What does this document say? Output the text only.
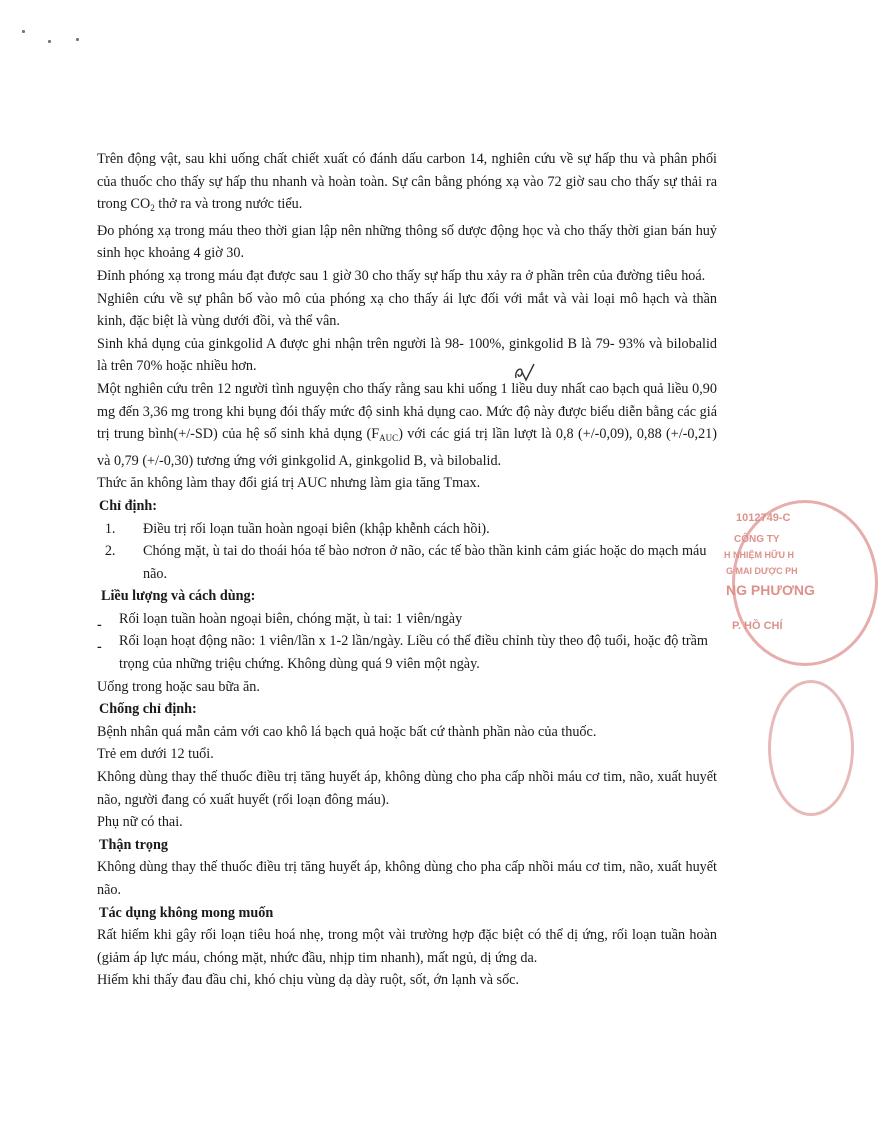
Trên động vật, sau khi uống chất chiết xuất có đánh dấu carbon 14, nghiên cứu về sự hấp thu và phân phối của thuốc cho thấy sự hấp thu nhanh và hoàn toàn. Sự cân bằng phóng xạ vào 72 giờ sau cho thấy sự thải ra trong $CO_2$ thở ra và trong nước tiểu.

Đo phóng xạ trong máu theo thời gian lập nên những thông số dược động học và cho thấy thời gian bán huỷ sinh học khoảng 4 giờ 30.

Đỉnh phóng xạ trong máu đạt được sau 1 giờ 30 cho thấy sự hấp thu xảy ra ở phần trên của đường tiêu hoá.

Nghiên cứu về sự phân bố vào mô của phóng xạ cho thấy ái lực đối với mắt và vài loại mô hạch và thần kinh, đặc biệt là vùng dưới đồi, và thể vân.

Sinh khả dụng của ginkgolid A được ghi nhận trên người là 98- 100%, ginkgolid B là 79- 93% và bilobalid là trên 70% hoặc nhiều hơn.

Một nghiên cứu trên 12 người tình nguyện cho thấy rằng sau khi uống 1 liều duy nhất cao bạch quả liều 0,90 mg đến 3,36 mg trong khi bụng đói thấy mức độ sinh khả dụng cao. Mức độ này được biểu diễn bằng các giá trị trung bình(+/-SD) của hệ số sinh khả dụng $(F_{AUC})$ với các giá trị lần lượt là 0,8 (+/-0,09), 0,88 (+/-0,21) và 0,79 (+/-0,30) tương ứng với ginkgolid A, ginkgolid B, và bilobalid.

Thức ăn không làm thay đổi giá trị AUC nhưng làm gia tăng Tmax.

Chỉ định:

1. Điều trị rối loạn tuần hoàn ngoại biên (khập khễnh cách hồi).
2. Chóng mặt, ù tai do thoái hóa tế bào nơron ở não, các tế bào thần kinh cảm giác hoặc do mạch máu não.

Liều lượng và cách dùng:

-	Rối loạn tuần hoàn ngoại biên, chóng mặt, ù tai: 1 viên/ngày
-	Rối loạn hoạt động não: 1 viên/lần x 1-2 lần/ngày. Liều có thể điều chỉnh tùy theo độ tuổi, hoặc độ trầm trọng của những triệu chứng. Không dùng quá 9 viên một ngày.

Uống trong hoặc sau bữa ăn.

Chống chỉ định:

Bệnh nhân quá mẫn cảm với cao khô lá bạch quả hoặc bất cứ thành phần nào của thuốc.

Trẻ em dưới 12 tuổi.

Không dùng thay thế thuốc điều trị tăng huyết áp, không dùng cho pha cấp nhồi máu cơ tim, não, xuất huyết não, người đang có xuất huyết (rối loạn đông máu).

Phụ nữ có thai.

Thận trọng

Không dùng thay thế thuốc điều trị tăng huyết áp, không dùng cho pha cấp nhồi máu cơ tim, não, xuất huyết não.

Tác dụng không mong muốn

Rất hiếm khi gây rối loạn tiêu hoá nhẹ, trong một vài trường hợp đặc biệt có thể dị ứng, rối loạn tuần hoàn (giảm áp lực máu, chóng mặt, nhức đầu, nhịp tim nhanh), mất ngủ, dị ứng da.

Hiếm khi thấy đau đầu chi, khó chịu vùng dạ dày ruột, sốt, ớn lạnh và sốc.

1012749-C
CÔNG TY
H NHIỆM HỮU H
G MAI DƯỢC PH
NG PHƯƠNG
P. HỒ CHÍ
